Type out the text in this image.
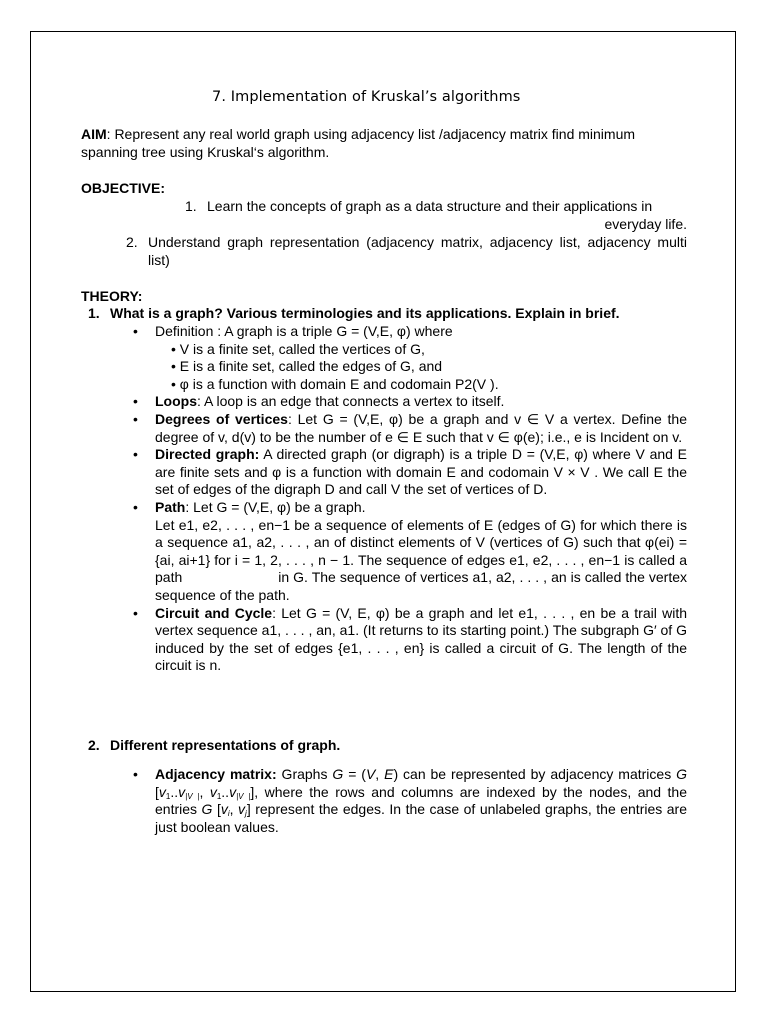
7. Implementation of Kruskal’s algorithms
AIM: Represent any real world graph using adjacency list /adjacency matrix find minimum spanning tree using Kruskal‘s algorithm.
OBJECTIVE:
1. Learn the concepts of graph as a data structure and their applications in
everyday life.
2. Understand graph representation (adjacency matrix, adjacency list, adjacency multi list)
THEORY:
1. What is a graph? Various terminologies and its applications. Explain in brief.
• Definition : A graph is a triple G = (V,E, φ) where
• V is a finite set, called the vertices of G,
• E is a finite set, called the edges of G, and
• φ is a function with domain E and codomain P2(V ).
• Loops: A loop is an edge that connects a vertex to itself.
• Degrees of vertices: Let G = (V,E, φ) be a graph and v ∈ V a vertex. Define the degree of v, d(v) to be the number of e ∈ E such that v ∈ φ(e); i.e., e is Incident on v.
• Directed graph: A directed graph (or digraph) is a triple D = (V,E, φ) where V and E are finite sets and φ is a function with domain E and codomain V × V . We call E the set of edges of the digraph D and call V the set of vertices of D.
• Path: Let G = (V,E, φ) be a graph.
Let e1, e2, . . . , en−1 be a sequence of elements of E (edges of G) for which there is a sequence a1, a2, . . . , an of distinct elements of V (vertices of G) such that φ(ei) = {ai, ai+1} for i = 1, 2, . . . , n − 1. The sequence of edges e1, e2, . . . , en−1 is called a path	in G. The sequence of vertices a1, a2, . . . , an is called the vertex sequence of the path.
• Circuit and Cycle: Let G = (V, E, φ) be a graph and let e1, . . . , en be a trail with vertex sequence a1, . . . , an, a1. (It returns to its starting point.) The subgraph G′ of G induced by the set of edges {e1, . . . , en} is called a circuit of G. The length of the circuit is n.
2. Different representations of graph.
• Adjacency matrix: Graphs G = (V, E) can be represented by adjacency matrices G [$v_1..v_{|V |}$, $v_1..v_{|V |}$], where the rows and columns are indexed by the nodes, and the entries G [$v_i$, $v_j$] represent the edges. In the case of unlabeled graphs, the entries are just boolean values.
